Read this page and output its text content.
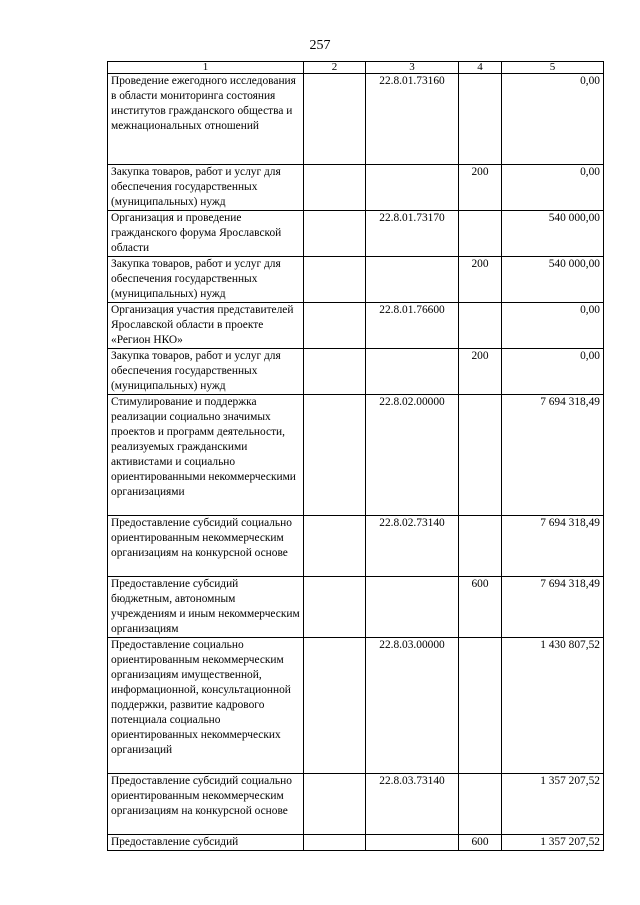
257
1	2	3	4	5
Проведение ежегодного исследования в области мониторинга состояния институтов гражданского общества и межнациональных отношений		22.8.01.73160		0,00
Закупка товаров, работ и услуг для обеспечения государственных (муниципальных) нужд			200	0,00
Организация и проведение гражданского форума Ярославской области		22.8.01.73170		540 000,00
Закупка товаров, работ и услуг для обеспечения государственных (муниципальных) нужд			200	540 000,00
Организация участия представителей Ярославской области в проекте «Регион НКО»		22.8.01.76600		0,00
Закупка товаров, работ и услуг для обеспечения государственных (муниципальных) нужд			200	0,00
Стимулирование и поддержка реализации социально значимых проектов и программ деятельности, реализуемых гражданскими активистами и социально ориентированными некоммерческими организациями		22.8.02.00000		7 694 318,49
Предоставление субсидий социально ориентированным некоммерческим организациям на конкурсной основе		22.8.02.73140		7 694 318,49
Предоставление субсидий бюджетным, автономным учреждениям и иным некоммерческим организациям			600	7 694 318,49
Предоставление социально ориентированным некоммерческим организациям имущественной, информационной, консультационной поддержки, развитие кадрового потенциала социально ориентированных некоммерческих организаций		22.8.03.00000		1 430 807,52
Предоставление субсидий социально ориентированным некоммерческим организациям на конкурсной основе		22.8.03.73140		1 357 207,52
Предоставление субсидий			600	1 357 207,52
